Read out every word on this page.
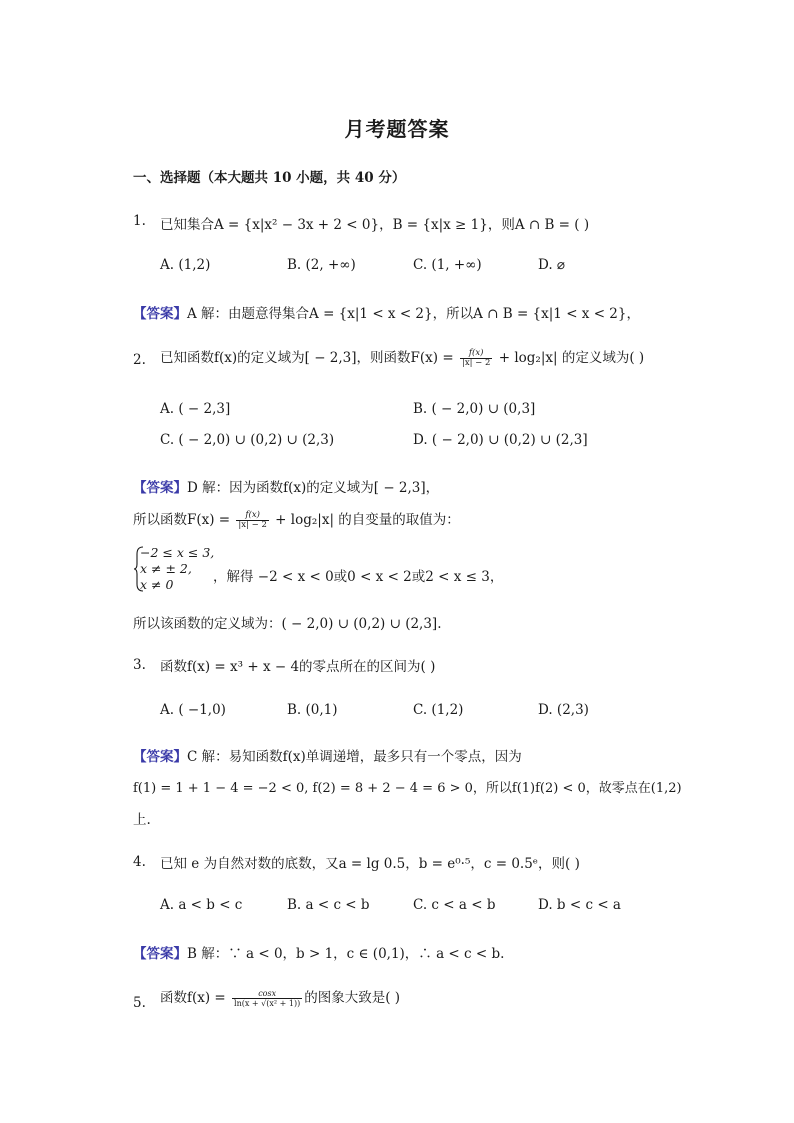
月考题答案
一、选择题（本大题共 10 小题，共 40 分）
1. 已知集合A = {x|x² − 3x + 2 < 0}，B = {x|x ≥ 1}，则A ∩ B = ( )
A. (1,2)	B. (2, +∞)	C. (1, +∞)	D. ⌀
【答案】A 解：由题意得集合A = {x|1 < x < 2}，所以A ∩ B = {x|1 < x < 2}，
2. 已知函数f(x)的定义域为[ − 2,3]，则函数$F(x) = \frac{f(x)}{|x| - 2} + \log_2|x|$ 的定义域为( )
A. ( − 2,3]	B. ( − 2,0) ∪ (0,3]
C. ( − 2,0) ∪ (0,2) ∪ (2,3)	D. ( − 2,0) ∪ (0,2) ∪ (2,3]
【答案】D 解：因为函数f(x)的定义域为[ − 2,3]，
所以函数$F(x) = \frac{f(x)}{|x| - 2} + \log_2|x|$ 的自变量的取值为：
−2 ≤ x ≤ 3,
x ≠ ± 2,
x ≠ 0	，解得 −2 < x < 0或0 < x < 2或2 < x ≤ 3，
所以该函数的定义域为：( − 2,0) ∪ (0,2) ∪ (2,3].
3. 函数f(x) = x³ + x − 4的零点所在的区间为( )
A. ( −1,0)	B. (0,1)	C. (1,2)	D. (2,3)
【答案】C 解：易知函数f(x)单调递增，最多只有一个零点，因为
f(1) = 1 + 1 − 4 = −2 < 0, f(2) = 8 + 2 − 4 = 6 > 0，所以f(1)f(2) < 0，故零点在(1,2)
上.
4. 已知 e 为自然对数的底数，又a = lg 0.5，b = e⁰·⁵，c = 0.5ᵉ，则( )
A. a < b < c	B. a < c < b	C. c < a < b	D. b < c < a
【答案】B 解：∵ a < 0，b > 1，c ∈ (0,1)，∴ a < c < b.
5. 函数$f(x) = \frac{\cos x}{\text{ln(x + √(x² + 1))}}$ 的图象大致是( )
